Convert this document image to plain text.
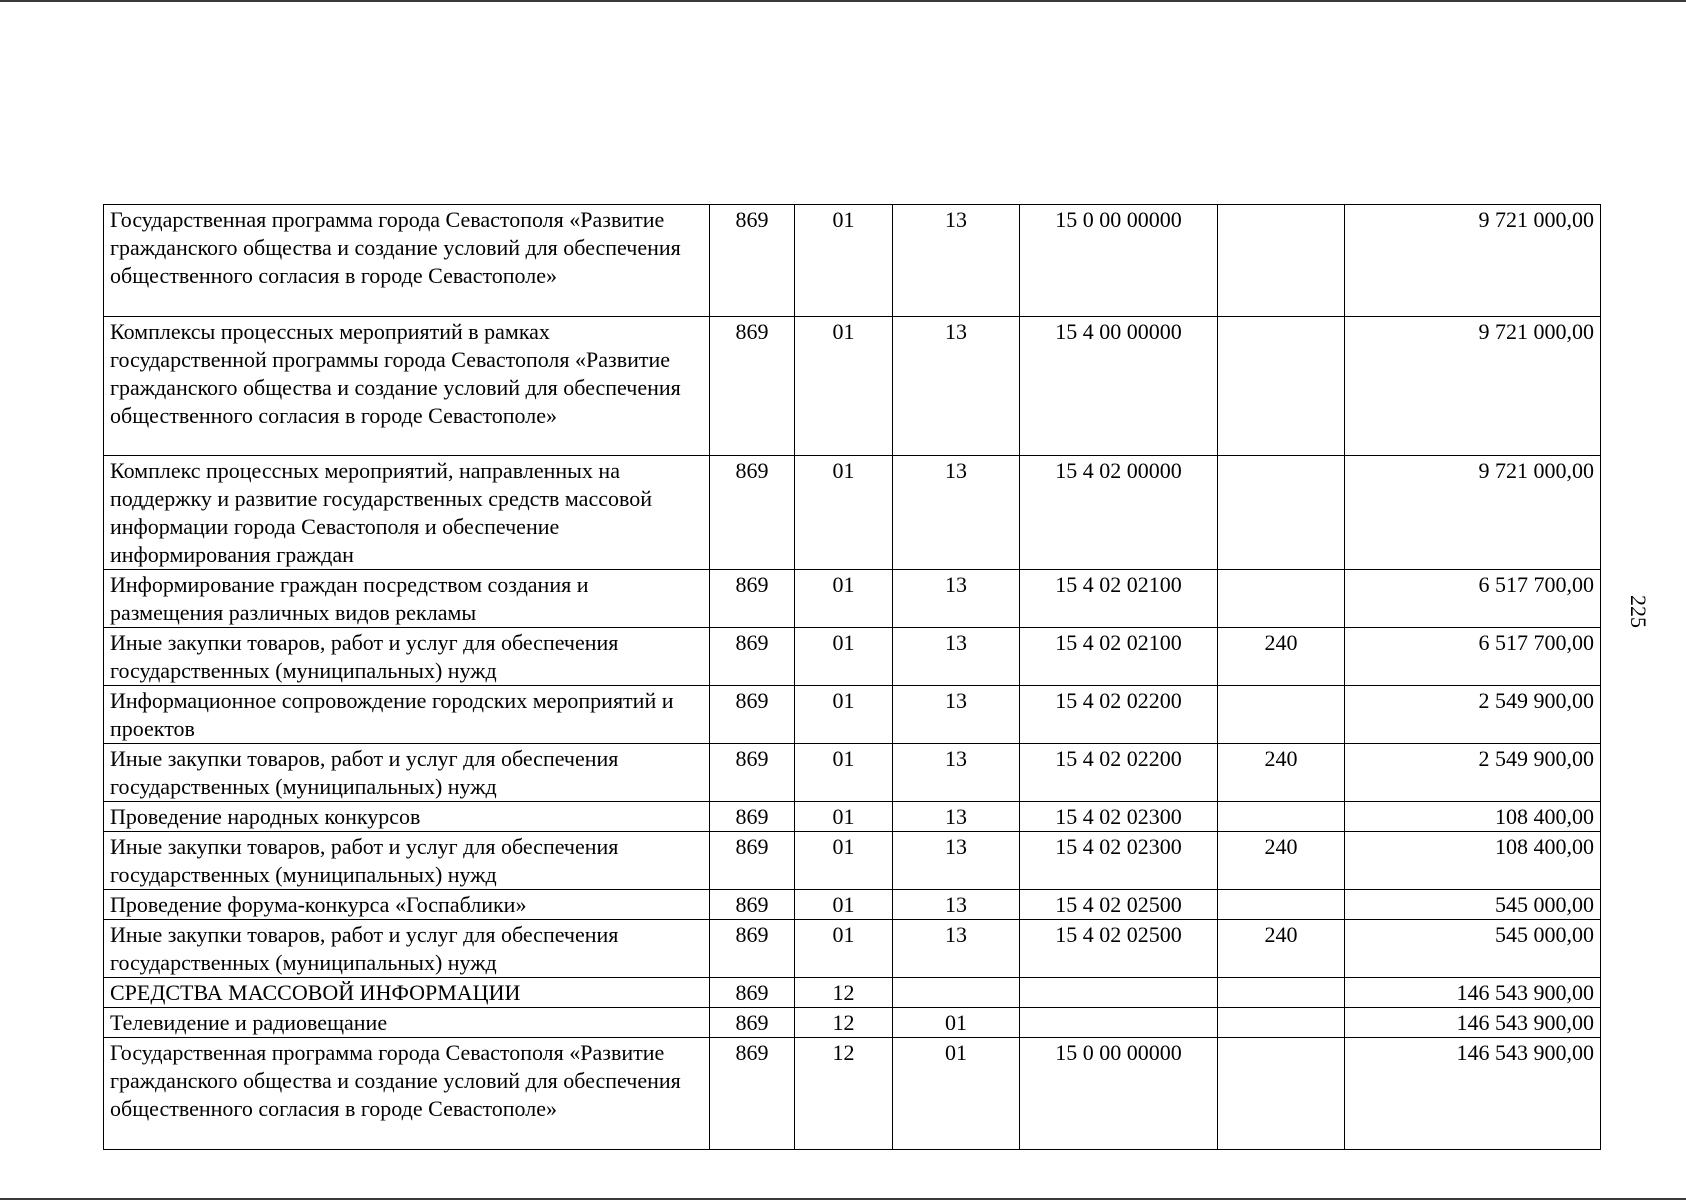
Государственная программа города Севастополя «Развитие гражданского общества и создание условий для обеспечения общественного согласия в городе Севастополе»	869	01	13	15 0 00 00000		9 721 000,00
Комплексы процессных мероприятий в рамках государственной программы города Севастополя «Развитие гражданского общества и создание условий для обеспечения общественного согласия в городе Севастополе»	869	01	13	15 4 00 00000		9 721 000,00
Комплекс процессных мероприятий, направленных на поддержку и развитие государственных средств массовой информации города Севастополя и обеспечение информирования граждан	869	01	13	15 4 02 00000		9 721 000,00
Информирование граждан посредством создания и размещения различных видов рекламы	869	01	13	15 4 02 02100		6 517 700,00
Иные закупки товаров, работ и услуг для обеспечения государственных (муниципальных) нужд	869	01	13	15 4 02 02100	240	6 517 700,00
Информационное сопровождение городских мероприятий и проектов	869	01	13	15 4 02 02200		2 549 900,00
Иные закупки товаров, работ и услуг для обеспечения государственных (муниципальных) нужд	869	01	13	15 4 02 02200	240	2 549 900,00
Проведение народных конкурсов	869	01	13	15 4 02 02300		108 400,00
Иные закупки товаров, работ и услуг для обеспечения государственных (муниципальных) нужд	869	01	13	15 4 02 02300	240	108 400,00
Проведение форума-конкурса «Госпаблики»	869	01	13	15 4 02 02500		545 000,00
Иные закупки товаров, работ и услуг для обеспечения государственных (муниципальных) нужд	869	01	13	15 4 02 02500	240	545 000,00
СРЕДСТВА МАССОВОЙ ИНФОРМАЦИИ	869	12				146 543 900,00
Телевидение и радиовещание	869	12	01			146 543 900,00
Государственная программа города Севастополя «Развитие гражданского общества и создание условий для обеспечения общественного согласия в городе Севастополе»	869	12	01	15 0 00 00000		146 543 900,00
225
